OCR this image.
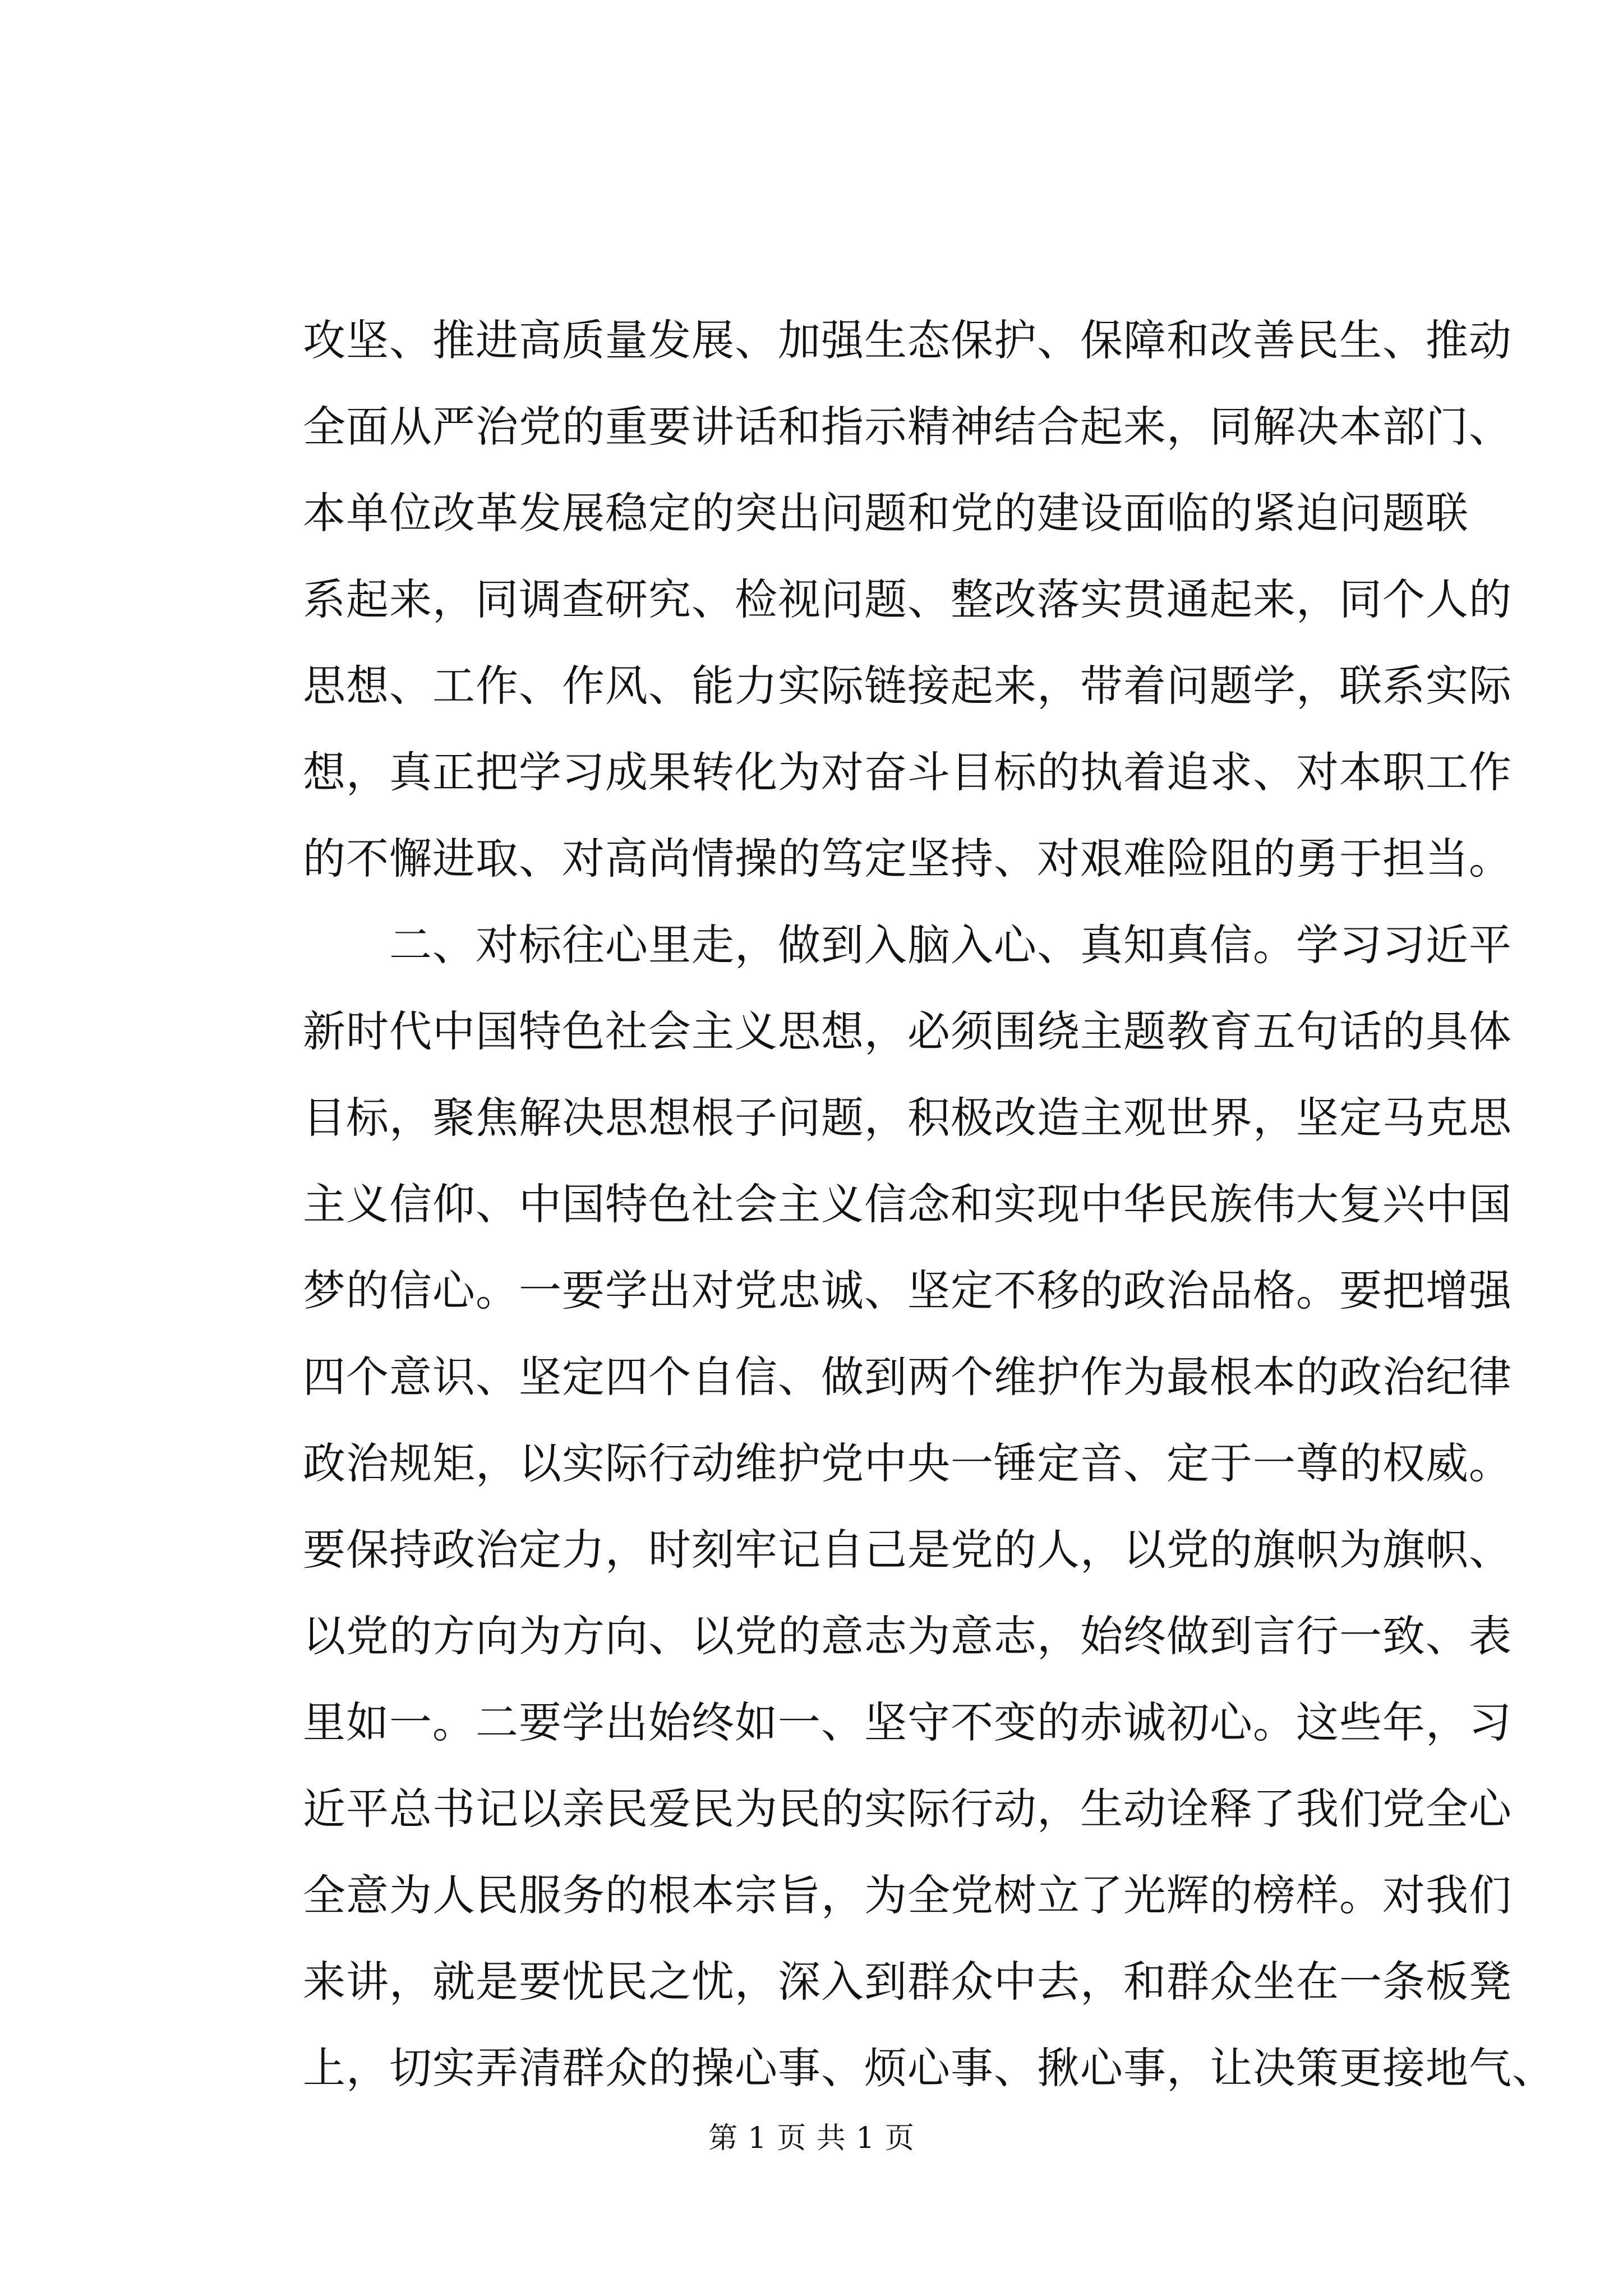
攻坚、推进高质量发展、加强生态保护、保障和改善民生、推动
全面从严治党的重要讲话和指示精神结合起来，同解决本部门、
本单位改革发展稳定的突出问题和党的建设面临的紧迫问题联
系起来，同调查研究、检视问题、整改落实贯通起来，同个人的
思想、工作、作风、能力实际链接起来，带着问题学，联系实际
想，真正把学习成果转化为对奋斗目标的执着追求、对本职工作
的不懈进取、对高尚情操的笃定坚持、对艰难险阻的勇于担当。
　　二、对标往心里走，做到入脑入心、真知真信。学习习近平
新时代中国特色社会主义思想，必须围绕主题教育五句话的具体
目标，聚焦解决思想根子问题，积极改造主观世界，坚定马克思
主义信仰、中国特色社会主义信念和实现中华民族伟大复兴中国
梦的信心。一要学出对党忠诚、坚定不移的政治品格。要把增强
四个意识、坚定四个自信、做到两个维护作为最根本的政治纪律
政治规矩，以实际行动维护党中央一锤定音、定于一尊的权威。
要保持政治定力，时刻牢记自己是党的人，以党的旗帜为旗帜、
以党的方向为方向、以党的意志为意志，始终做到言行一致、表
里如一。二要学出始终如一、坚守不变的赤诚初心。这些年，习
近平总书记以亲民爱民为民的实际行动，生动诠释了我们党全心
全意为人民服务的根本宗旨，为全党树立了光辉的榜样。对我们
来讲，就是要忧民之忧，深入到群众中去，和群众坐在一条板凳
上，切实弄清群众的操心事、烦心事、揪心事，让决策更接地气、
第 1 页 共 1 页
